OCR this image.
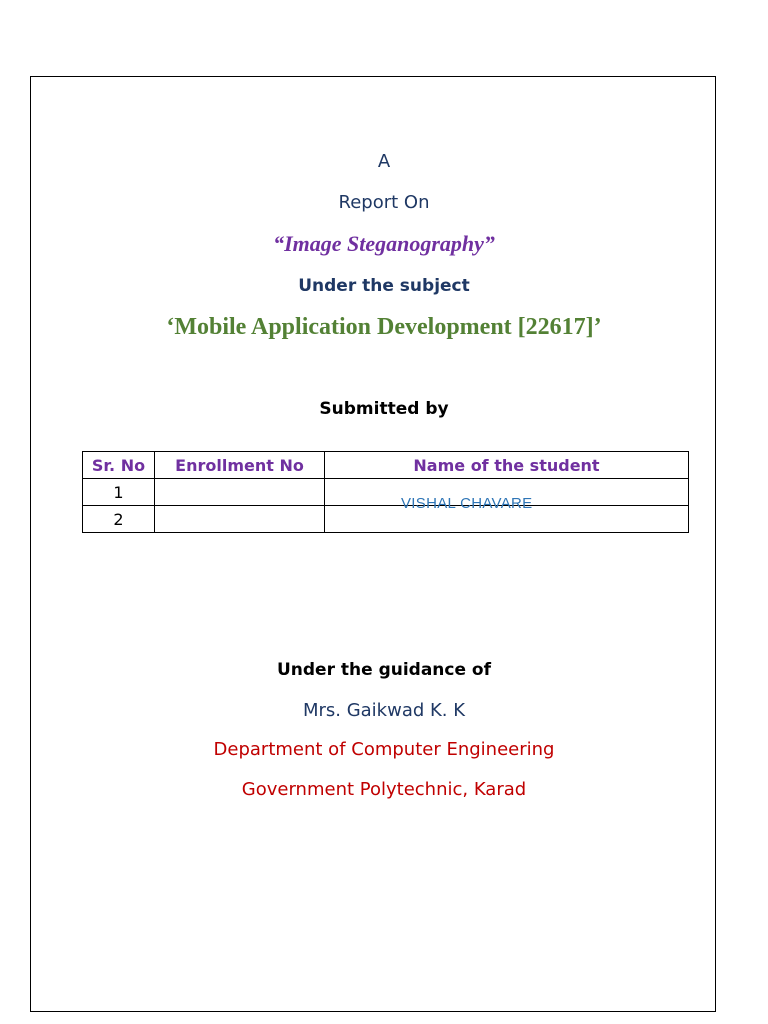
A
Report On
“Image Steganography”
Under the subject
‘Mobile Application Development [22617]’
Submitted by
Sr. No	Enrollment No	Name of the student
1		VISHAL CHAVARE

2		
Under the guidance of
Mrs. Gaikwad K. K
Department of Computer Engineering
Government Polytechnic, Karad
